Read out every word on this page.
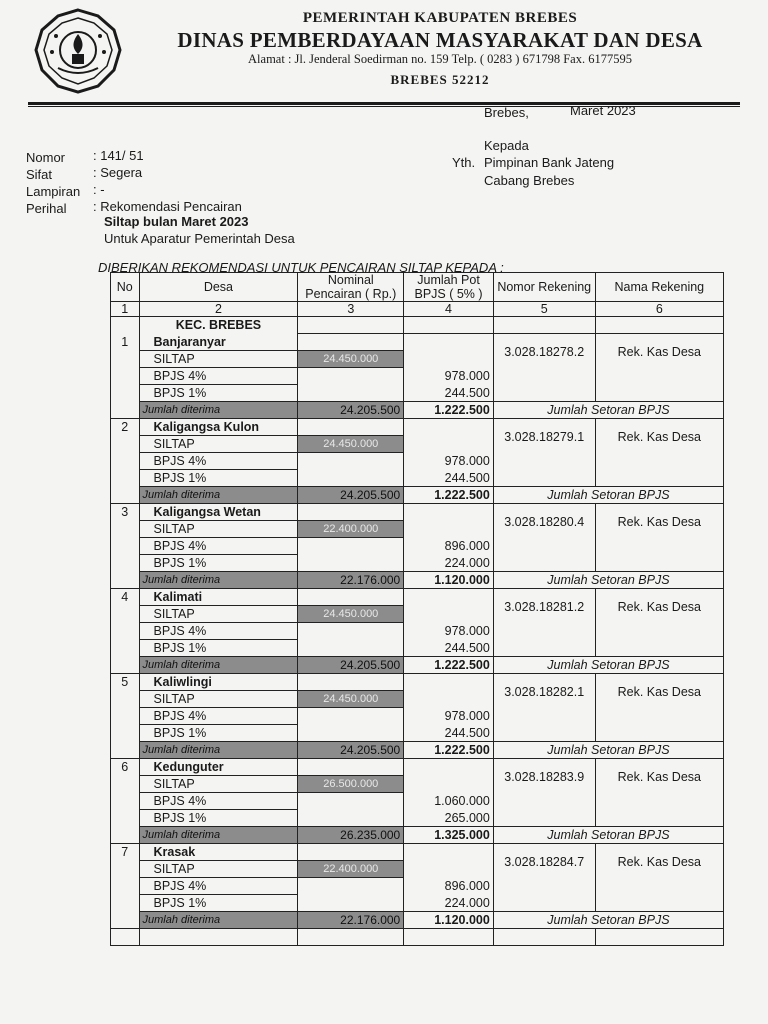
PEMERINTAH KABUPATEN BREBES
DINAS PEMBERDAYAAN MASYARAKAT DAN DESA
Alamat : Jl. Jenderal Soedirman no. 159 Telp. ( 0283 ) 671798 Fax. 6177595
BREBES 52212
Brebes,	Maret 2023
Kepada
Yth. Pimpinan Bank Jateng
Cabang Brebes
Nomor : 141/ 51
Sifat	: Segera
Lampiran : -
Perihal : Rekomendasi Pencairan
Siltap bulan Maret 2023
Untuk Aparatur Pemerintah Desa
DIBERIKAN REKOMENDASI UNTUK PENCAIRAN SILTAP KEPADA :
No	Desa	Nominal Pencairan ( Rp.)	Jumlah Pot BPJS ( 5% )	Nomor Rekening	Nama Rekening
1	2	3	4	5	6
	KEC. BREBES				
1	Banjaranyar			3.028.18278.2	Rek. Kas Desa
	SILTAP	24.450.000			
	BPJS 4%		978.000		
	BPJS 1%		244.500		
	Jumlah diterima	24.205.500	1.222.500	Jumlah Setoran BPJS	
2	Kaligangsa Kulon			3.028.18279.1	Rek. Kas Desa
	SILTAP	24.450.000			
	BPJS 4%		978.000		
	BPJS 1%		244.500		
	Jumlah diterima	24.205.500	1.222.500	Jumlah Setoran BPJS	
3	Kaligangsa Wetan			3.028.18280.4	Rek. Kas Desa
	SILTAP	22.400.000			
	BPJS 4%		896.000		
	BPJS 1%		224.000		
	Jumlah diterima	22.176.000	1.120.000	Jumlah Setoran BPJS	
4	Kalimati			3.028.18281.2	Rek. Kas Desa
	SILTAP	24.450.000			
	BPJS 4%		978.000		
	BPJS 1%		244.500		
	Jumlah diterima	24.205.500	1.222.500	Jumlah Setoran BPJS	
5	Kaliwlingi			3.028.18282.1	Rek. Kas Desa
	SILTAP	24.450.000			
	BPJS 4%		978.000		
	BPJS 1%		244.500		
	Jumlah diterima	24.205.500	1.222.500	Jumlah Setoran BPJS	
6	Kedunguter			3.028.18283.9	Rek. Kas Desa
	SILTAP	26.500.000			
	BPJS 4%		1.060.000		
	BPJS 1%		265.000		
	Jumlah diterima	26.235.000	1.325.000	Jumlah Setoran BPJS	
7	Krasak			3.028.18284.7	Rek. Kas Desa
	SILTAP	22.400.000			
	BPJS 4%		896.000		
	BPJS 1%		224.000		
	Jumlah diterima	22.176.000	1.120.000	Jumlah Setoran BPJS	
